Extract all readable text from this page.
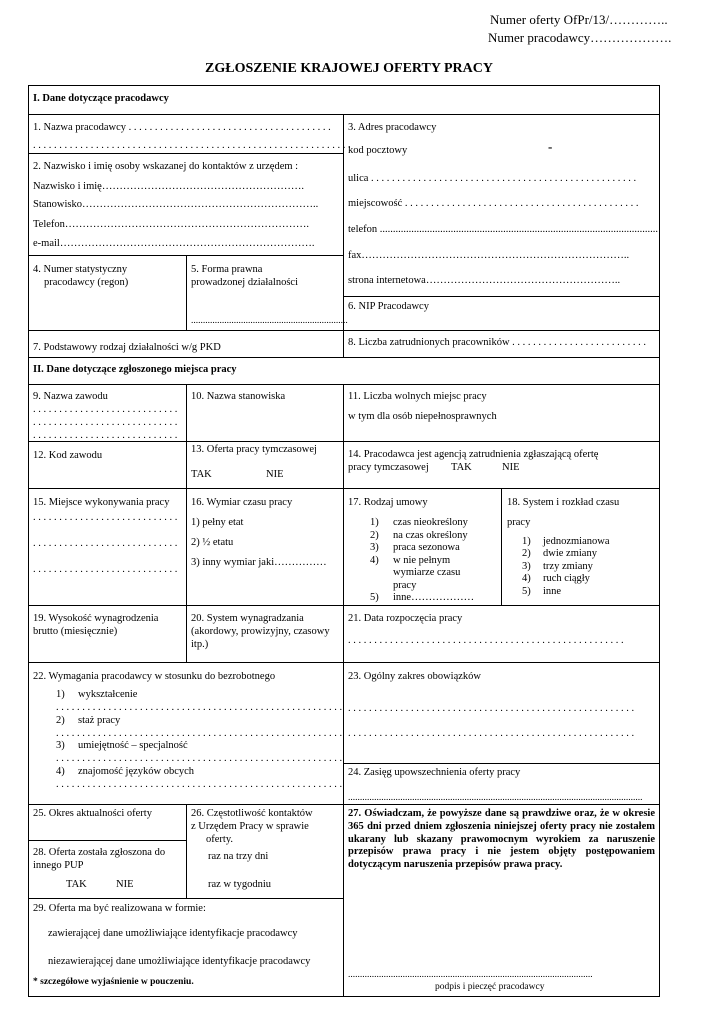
Numer oferty OfPr/13/…………..
Numer pracodawcy……………….
ZGŁOSZENIE KRAJOWEJ OFERTY PRACY
I. Dane dotyczące pracodawcy
1. Nazwa pracodawcy . . . . . . . . . . . . . . . . . . . . . . . . . . . . . . . . . . . . . . .
. . . . . . . . . . . . . . . . . . . . . . . . . . . . . . . . . . . . . . . . . . . . . . . . . . . . . . . . . . . . .
2. Nazwisko i imię osoby wskazanej do kontaktów z urzędem :
Nazwisko i imię………………………………………………….
Stanowisko…………………………………………………………..
Telefon…………………………………………………………….
e-mail……………………………………………………………….
3. Adres pracodawcy
kod pocztowy	-
ulica . . . . . . . . . . . . . . . . . . . . . . . . . . . . . . . . . . . . . . . . . . . . . . . . . . .
miejscowość . . . . . . . . . . . . . . . . . . . . . . . . . . . . . . . . . . . . . . . . . . . . .
telefon ..........................................................................................................
fax…………………………………………………………………..
strona internetowa………………………………………………..
4. Numer statystyczny
pracodawcy (regon)
5. Forma prawna
prowadzonej działalności
..................................................................
6. NIP Pracodawcy
7. Podstawowy rodzaj działalności w/g PKD	8. Liczba zatrudnionych pracowników . . . . . . . . . . . . . . . . . . . . . . . . . .
II. Dane dotyczące zgłoszonego miejsca pracy
9. Nazwa zawodu
. . . . . . . . . . . . . . . . . . . . . . . . . . . .
. . . . . . . . . . . . . . . . . . . . . . . . . . . .
. . . . . . . . . . . . . . . . . . . . . . . . . . . .
10. Nazwa stanowiska	11. Liczba wolnych miejsc pracy
w tym dla osób niepełnosprawnych
12. Kod zawodu
13. Oferta pracy tymczasowej
TAK	NIE
14. Pracodawca jest agencją zatrudnienia zgłaszającą ofertę
pracy tymczasowej TAK	NIE
15. Miejsce wykonywania pracy
. . . . . . . . . . . . . . . . . . . . . . . . . . . .
. . . . . . . . . . . . . . . . . . . . . . . . . . . .
. . . . . . . . . . . . . . . . . . . . . . . . . . . .
16. Wymiar czasu pracy
1) pełny etat
2) ½ etatu
3) inny wymiar jaki……………
17. Rodzaj umowy
1) czas nieokreślony
2) na czas określony
3) praca sezonowa
4) w nie pełnym
wymiarze czasu
pracy
5) inne………………
18. System i rozkład czasu
pracy
1) jednozmianowa
2) dwie zmiany
3) trzy zmiany
4) ruch ciągły
5) inne
19. Wysokość wynagrodzenia
brutto (miesięcznie)
20. System wynagradzania
(akordowy, prowizyjny, czasowy
itp.)
21. Data rozpoczęcia pracy
. . . . . . . . . . . . . . . . . . . . . . . . . . . . . . . . . . . . . . . . . . . . . . . . . . . . .
22. Wymagania pracodawcy w stosunku do bezrobotnego
1) wykształcenie
. . . . . . . . . . . . . . . . . . . . . . . . . . . . . . . . . . . . . . . . . . . . . . . . . . . . . . .
2) staż pracy
. . . . . . . . . . . . . . . . . . . . . . . . . . . . . . . . . . . . . . . . . . . . . . . . . . . . . . .
3) umiejętność – specjalność
. . . . . . . . . . . . . . . . . . . . . . . . . . . . . . . . . . . . . . . . . . . . . . . . . . . . . . .
4) znajomość języków obcych
. . . . . . . . . . . . . . . . . . . . . . . . . . . . . . . . . . . . . . . . . . . . . . . . . . . . . . .
23. Ogólny zakres obowiązków
. . . . . . . . . . . . . . . . . . . . . . . . . . . . . . . . . . . . . . . . . . . . . . . . . . . . . . .
. . . . . . . . . . . . . . . . . . . . . . . . . . . . . . . . . . . . . . . . . . . . . . . . . . . . . . .
24. Zasięg upowszechnienia oferty pracy
............................................................................................................................
25. Okres aktualności oferty	26. Częstotliwość kontaktów
z Urzędem Pracy w sprawie
oferty.
raz na trzy dni
raz w tygodniu
27. Oświadczam, że powyższe dane są prawdziwe oraz, że w okresie 365 dni przed dniem zgłoszenia niniejszej oferty pracy nie zostałem ukarany lub skazany prawomocnym wyrokiem za naruszenie przepisów prawa pracy i nie jestem objęty postępowaniem dotyczącym naruszenia przepisów prawa pracy.
.......................................................................................................
podpis i pieczęć pracodawcy
28. Oferta została zgłoszona do
innego PUP
TAK	NIE
29. Oferta ma być realizowana w formie:
zawierającej dane umożliwiające identyfikacje pracodawcy
niezawierającej dane umożliwiające identyfikacje pracodawcy
* szczegółowe wyjaśnienie w pouczeniu.
